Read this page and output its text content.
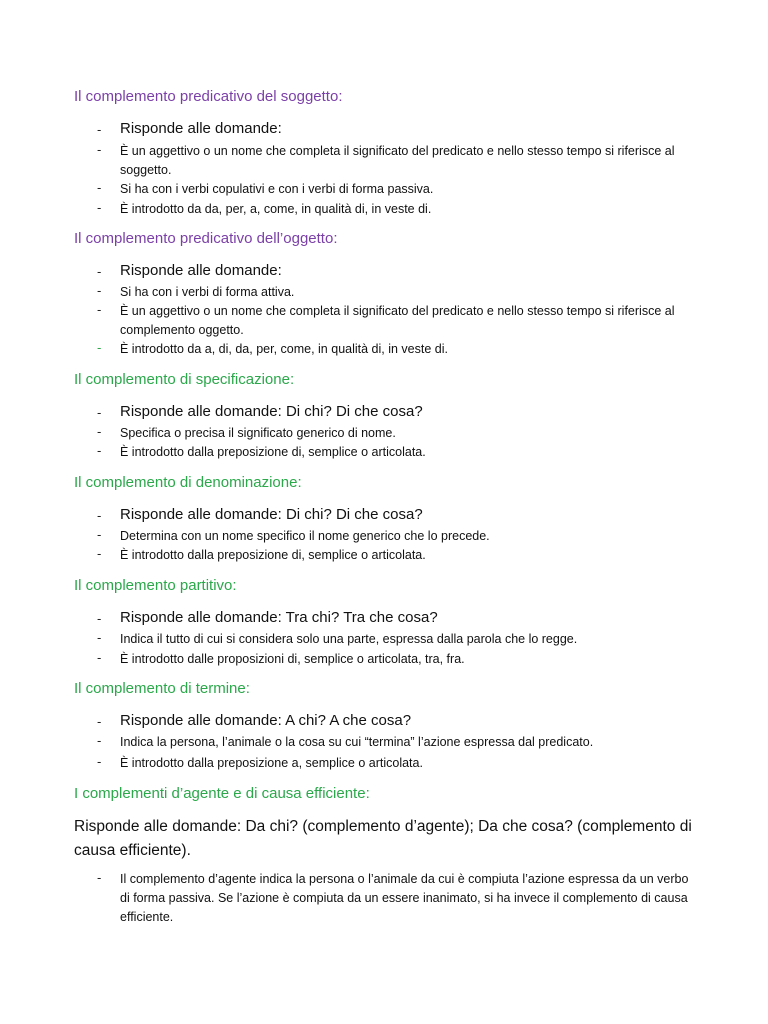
Il complemento predicativo del soggetto:
- Risponde alle domande:
- È un aggettivo o un nome che completa il significato del predicato e nello stesso tempo si riferisce al soggetto.
- Si ha con i verbi copulativi e con i verbi di forma passiva.
- È introdotto da da, per, a, come, in qualità di, in veste di.
Il complemento predicativo dell’oggetto:
- Risponde alle domande:
- Si ha con i verbi di forma attiva.
- È un aggettivo o un nome che completa il significato del predicato e nello stesso tempo si riferisce al complemento oggetto.
- È introdotto da a, di, da, per, come, in qualità di, in veste di.
Il complemento di specificazione:
- Risponde alle domande: Di chi? Di che cosa?
- Specifica o precisa il significato generico di nome.
- È introdotto dalla preposizione di, semplice o articolata.
Il complemento di denominazione:
- Risponde alle domande: Di chi? Di che cosa?
- Determina con un nome specifico il nome generico che lo precede.
- È introdotto dalla preposizione di, semplice o articolata.
Il complemento partitivo:
- Risponde alle domande: Tra chi? Tra che cosa?
- Indica il tutto di cui si considera solo una parte, espressa dalla parola che lo regge.
- È introdotto dalle proposizioni di, semplice o articolata, tra, fra.
Il complemento di termine:
- Risponde alle domande: A chi? A che cosa?
- Indica la persona, l’animale o la cosa su cui “termina” l’azione espressa dal predicato.
- È introdotto dalla preposizione a, semplice o articolata.
I complementi d’agente e di causa efficiente:
Risponde alle domande: Da chi? (complemento d’agente); Da che cosa? (complemento di causa efficiente).
- Il complemento d’agente indica la persona o l’animale da cui è compiuta l’azione espressa da un verbo di forma passiva. Se l’azione è compiuta da un essere inanimato, si ha invece il complemento di causa efficiente.
